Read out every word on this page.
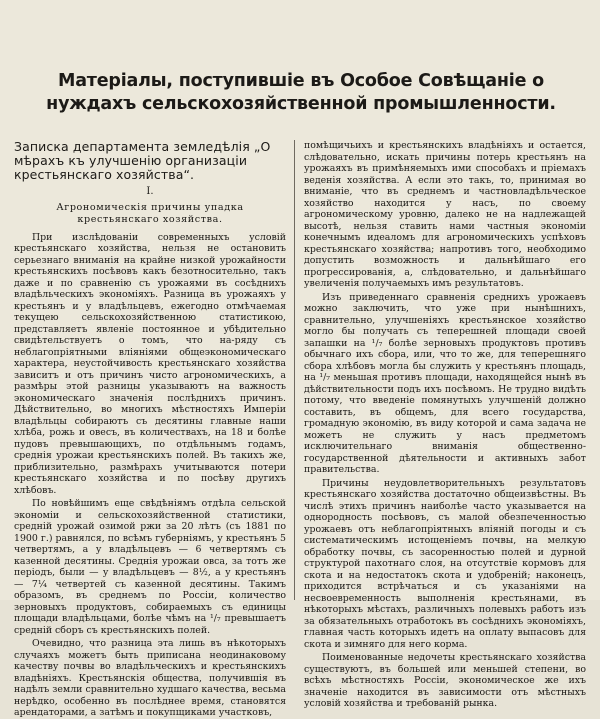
Матеріалы, поступившіе въ Особое Совѣщаніе о нуждахъ сельскохозяйственной промышленности.
Записка департамента земледѣлія „О мѣрахъ къ улучшенію организаціи крестьянскаго хозяйства“.
I.
Агрономическія причины упадка крестьянскаго хозяйства.

При изслѣдованіи современныхъ условій крестьянскаго хозяйства, нельзя не остановить серьезнаго вниманія на крайне низкой урожайности крестьянскихъ посѣвовъ какъ безотносительно, такъ даже и по сравненію съ урожаями въ сосѣднихъ владѣльческихъ экономіяхъ. Разница въ урожаяхъ у крестьянъ и у владѣльцевъ, ежегодно отмѣчаемая текущею сельскохозяйственною статистикою, представляетъ явленіе постоянное и убѣдительно свидѣтельствуетъ о томъ, что на-ряду съ неблагопріятными вліяніями общеэкономическаго характера, неустойчивость крестьянскаго хозяйства зависитъ и отъ причинъ чисто агрономическихъ, а размѣры этой разницы указываютъ на важность экономическаго значенія послѣднихъ причинъ. Дѣйствительно, во многихъ мѣстностяхъ Имперіи владѣльцы собираютъ съ десятины главные наши хлѣба, рожь и овесъ, въ количествахъ, на 18 и болѣе пудовъ превышающихъ, по отдѣльнымъ годамъ, среднія урожаи крестьянскихъ полей. Въ такихъ же, приблизительно, размѣрахъ учитываются потери крестьянскаго хозяйства и по посѣву другихъ хлѣбовъ.

По новѣйшимъ еще свѣдѣніямъ отдѣла сельской экономіи и сельскохозяйственной статистики, средній урожай озимой ржи за 20 лѣтъ (съ 1881 по 1900 г.) равнялся, по всѣмъ губерніямъ, у крестьянъ 5 четвертямъ, а у владѣльцевъ — 6 четвертямъ съ казенной десятины. Среднія урожаи овса, за тотъ же періодъ, были — у владѣльцевъ — 8½, а у крестьянъ — 7¼ четвертей съ казенной десятины. Такимъ образомъ, въ среднемъ по Россіи, количество зерновыхъ продуктовъ, собираемыхъ съ единицы площади владѣльцами, болѣе чѣмъ на ¹/₇ превышаетъ средній сборъ съ крестьянскихъ полей.

Очевидно, что разница эта лишь въ нѣкоторыхъ случаяхъ можетъ быть приписана неодинаковому качеству почвы во владѣльческихъ и крестьянскихъ владѣніяхъ. Крестьянскія общества, получившія въ надѣлъ земли сравнительно худшаго качества, весьма нерѣдко, особенно въ послѣднее время, становятся арендаторами, а затѣмъ и покупщиками участковъ,

помѣщичьихъ и крестьянскихъ владѣніяхъ и остается, слѣдовательно, искать причины потерь крестьянъ на урожаяхъ въ примѣняемыхъ ими способахъ и пріемахъ веденія хозяйства. А если это такъ, то, принимая во вниманіе, что въ среднемъ и частновладѣльческое хозяйство находится у насъ, по своему агрономическому уровню, далеко не на надлежащей высотѣ, нельзя ставить нами частныя экономіи конечнымъ идеаломъ для агрономическихъ успѣховъ крестьянскаго хозяйства; напротивъ того, необходимо допустить возможность и дальнѣйшаго его прогрессированія, а, слѣдовательно, и дальнѣйшаго увеличенія получаемыхъ имъ результатовъ.

Изъ приведеннаго сравненія среднихъ урожаевъ можно заключить, что уже при нынѣшнихъ, сравнительно, улучшеніяхъ крестьянское хозяйство могло бы получать съ теперешней площади своей запашки на ¹/₇ болѣе зерновыхъ продуктовъ противъ обычнаго ихъ сбора, или, что то же, для теперешняго сбора хлѣбовъ могла бы служить у крестьянъ площадь, на ¹/₇ меньшая противъ площади, находящейся нынѣ въ дѣйствительности подъ ихъ посѣвомъ. Не трудно видѣть потому, что введеніе помянутыхъ улучшеній должно составить, въ общемъ, для всего государства, громадную экономію, въ виду которой и сама задача не можетъ не служить у насъ предметомъ исключительнаго вниманія общественно-государственной дѣятельности и активныхъ забот правительства.

Причины неудовлетворительныхъ результатовъ крестьянскаго хозяйства достаточно общеизвѣстны. Въ числѣ этихъ причинъ наиболѣе часто указывается на однородность посѣвовъ, съ малой обезпеченностью урожаевъ отъ неблагопріятныхъ вліяній погоды и съ систематическимъ истощеніемъ почвы, на мелкую обработку почвы, съ засоренностью полей и дурной структурой пахотнаго слоя, на отсутствіе кормовъ для скота и на недостатокъ скота и удобреній; наконецъ, приходится встрѣчаться и съ указаніями на несвоевременность выполненія крестьянами, въ нѣкоторыхъ мѣстахъ, различныхъ полевыхъ работъ изъ за обязательныхъ отработокъ въ сосѣднихъ экономіяхъ, главная часть которыхъ идетъ на оплату выпасовъ для скота и зимняго для него корма.

Поименованные недочеты крестьянскаго хозяйства существуютъ, въ большей или меньшей степени, во всѣхъ мѣстностяхъ Россіи, экономическое же ихъ значеніе находится въ зависимости отъ мѣстныхъ условій хозяйства и требованій рынка.
